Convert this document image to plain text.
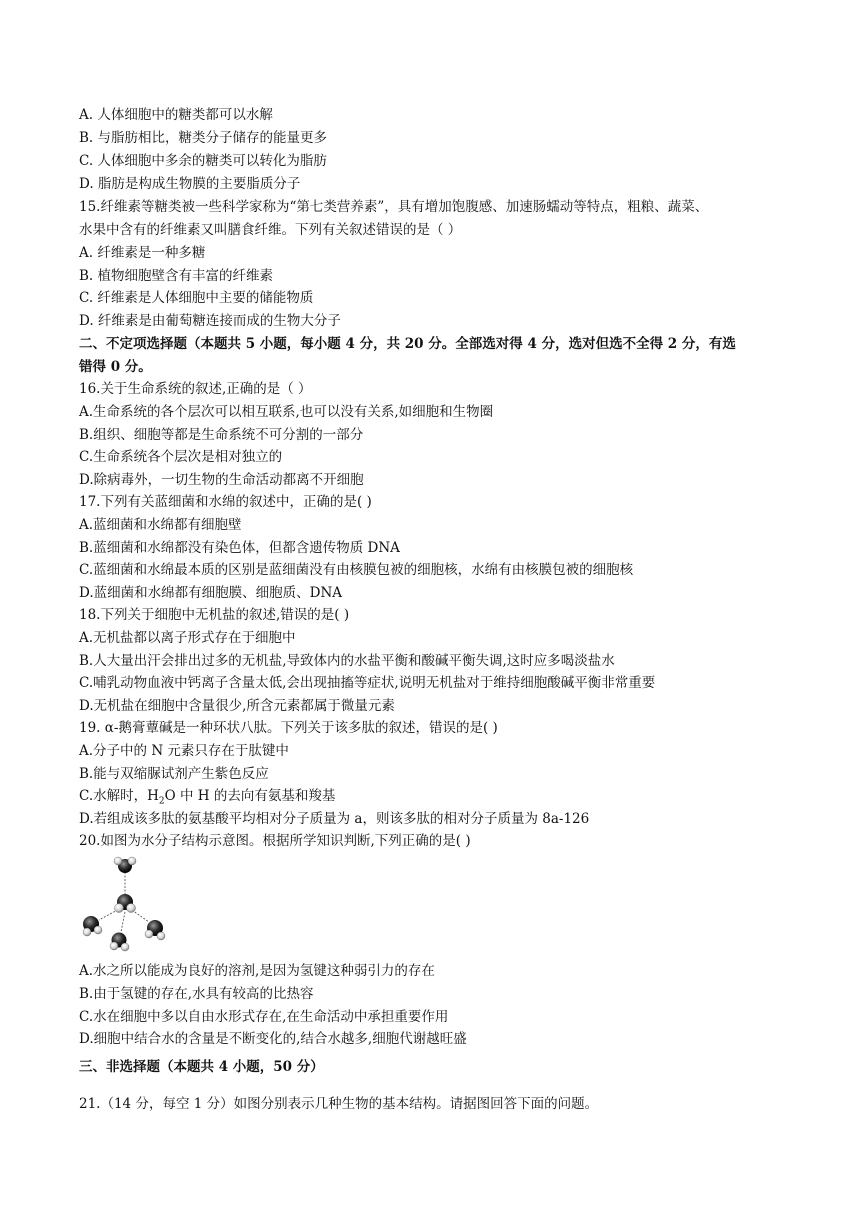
A. 人体细胞中的糖类都可以水解
B. 与脂肪相比，糖类分子储存的能量更多
C. 人体细胞中多余的糖类可以转化为脂肪
D. 脂肪是构成生物膜的主要脂质分子
15.纤维素等糖类被一些科学家称为“第七类营养素”，具有增加饱腹感、加速肠蠕动等特点，粗粮、蔬菜、
水果中含有的纤维素又叫膳食纤维。下列有关叙述错误的是（ ）
A. 纤维素是一种多糖
B. 植物细胞壁含有丰富的纤维素
C. 纤维素是人体细胞中主要的储能物质
D. 纤维素是由葡萄糖连接而成的生物大分子
二、不定项选择题（本题共 5 小题，每小题 4 分，共 20 分。全部选对得 4 分，选对但选不全得 2 分，有选
错得 0 分。
16.关于生命系统的叙述,正确的是（ ）
A.生命系统的各个层次可以相互联系,也可以没有关系,如细胞和生物圈
B.组织、细胞等都是生命系统不可分割的一部分
C.生命系统各个层次是相对独立的
D.除病毒外，一切生物的生命活动都离不开细胞
17.下列有关蓝细菌和水绵的叙述中，正确的是( )
A.蓝细菌和水绵都有细胞壁
B.蓝细菌和水绵都没有染色体，但都含遗传物质 DNA
C.蓝细菌和水绵最本质的区别是蓝细菌没有由核膜包被的细胞核，水绵有由核膜包被的细胞核
D.蓝细菌和水绵都有细胞膜、细胞质、DNA
18.下列关于细胞中无机盐的叙述,错误的是( )
A.无机盐都以离子形式存在于细胞中
B.人大量出汗会排出过多的无机盐,导致体内的水盐平衡和酸碱平衡失调,这时应多喝淡盐水
C.哺乳动物血液中钙离子含量太低,会出现抽搐等症状,说明无机盐对于维持细胞酸碱平衡非常重要
D.无机盐在细胞中含量很少,所含元素都属于微量元素
19. α-鹅膏蕈碱是一种环状八肽。下列关于该多肽的叙述，错误的是( )
A.分子中的 N 元素只存在于肽键中
B.能与双缩脲试剂产生紫色反应
C.水解时，$H_2O$ 中 H 的去向有氨基和羧基
D.若组成该多肽的氨基酸平均相对分子质量为 a，则该多肽的相对分子质量为 8a-126
20.如图为水分子结构示意图。根据所学知识判断,下列正确的是( )
A.水之所以能成为良好的溶剂,是因为氢键这种弱引力的存在
B.由于氢键的存在,水具有较高的比热容
C.水在细胞中多以自由水形式存在,在生命活动中承担重要作用
D.细胞中结合水的含量是不断变化的,结合水越多,细胞代谢越旺盛
三、非选择题（本题共 4 小题，50 分）
21.（14 分，每空 1 分）如图分别表示几种生物的基本结构。请据图回答下面的问题。
